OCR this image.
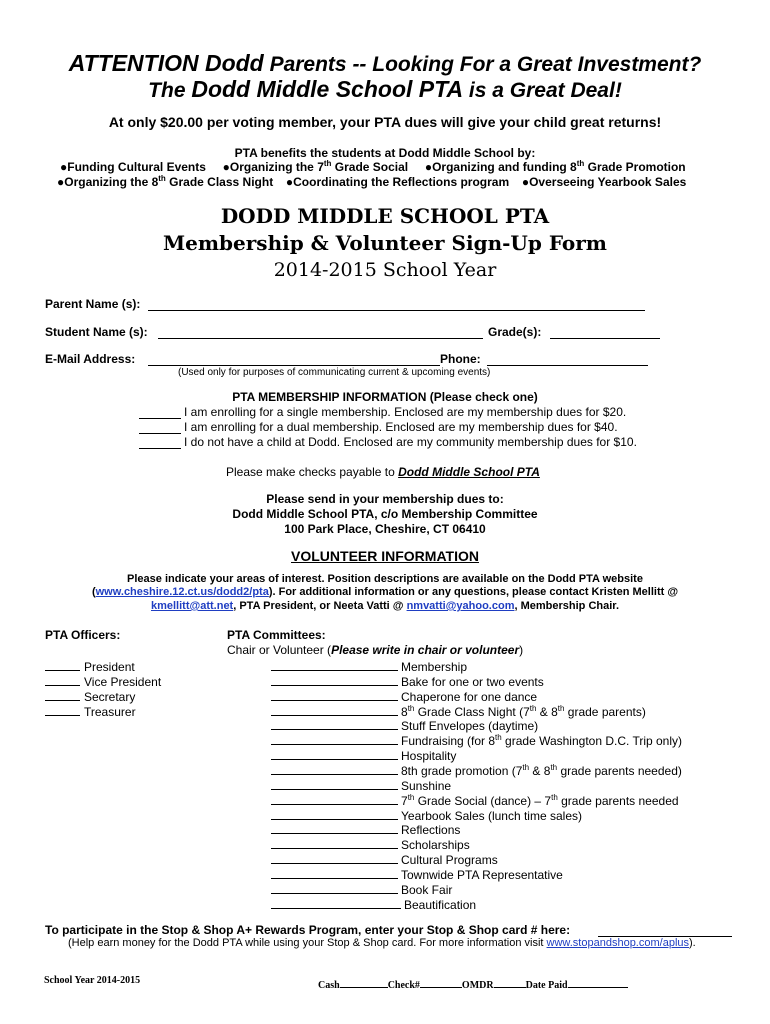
ATTENTION Dodd Parents -- Looking For a Great Investment?
The Dodd Middle School PTA is a Great Deal!
At only $20.00 per voting member, your PTA dues will give your child great returns!
PTA benefits the students at Dodd Middle School by:
●Funding Cultural Events ●Organizing the 7th Grade Social ●Organizing and funding 8th Grade Promotion
●Organizing the 8th Grade Class Night ●Coordinating the Reflections program ●Overseeing Yearbook Sales
DODD MIDDLE SCHOOL PTA
Membership & Volunteer Sign-Up Form
2014-2015 School Year
Parent Name (s):
Student Name (s):	Grade(s):
E-Mail Address:	Phone:
(Used only for purposes of communicating current & upcoming events)
PTA MEMBERSHIP INFORMATION (Please check one)
I am enrolling for a single membership. Enclosed are my membership dues for $20.
I am enrolling for a dual membership. Enclosed are my membership dues for $40.
I do not have a child at Dodd. Enclosed are my community membership dues for $10.
Please make checks payable to Dodd Middle School PTA
Please send in your membership dues to:
Dodd Middle School PTA, c/o Membership Committee
100 Park Place, Cheshire, CT 06410
VOLUNTEER INFORMATION
Please indicate your areas of interest. Position descriptions are available on the Dodd PTA website
(www.cheshire.12.ct.us/dodd2/pta). For additional information or any questions, please contact Kristen Mellitt @
kmellitt@att.net, PTA President, or Neeta Vatti @ nmvatti@yahoo.com, Membership Chair.
PTA Officers:
President
Vice President
Secretary
Treasurer
PTA Committees:
Chair or Volunteer (Please write in chair or volunteer)
Membership
Bake for one or two events
Chaperone for one dance
8th Grade Class Night (7th & 8th grade parents)
Stuff Envelopes (daytime)
Fundraising (for 8th grade Washington D.C. Trip only)
Hospitality
8th grade promotion (7th & 8th grade parents needed)
Sunshine
7th Grade Social (dance) – 7th grade parents needed
Yearbook Sales (lunch time sales)
Reflections
Scholarships
Cultural Programs
Townwide PTA Representative
Book Fair
Beautification
To participate in the Stop & Shop A+ Rewards Program, enter your Stop & Shop card # here:
(Help earn money for the Dodd PTA while using your Stop & Shop card. For more information visit www.stopandshop.com/aplus).
School Year 2014-2015	Cash	Check#	OMDR	Date Paid
